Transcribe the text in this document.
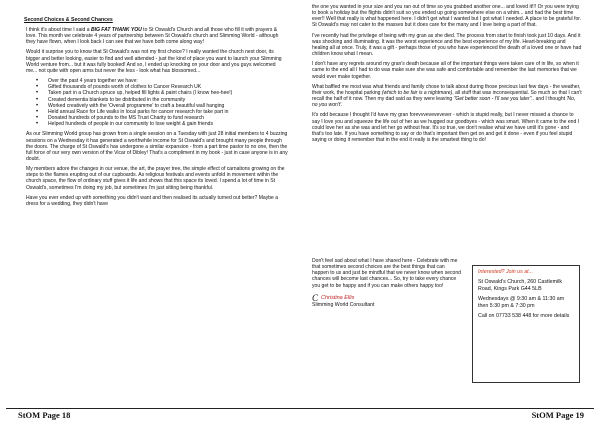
Second Choices & Second Chances

I think it's about time I said a BIG FAT THANK YOU to St Oswald's Church and all those who fill it with prayers & love. This month we celebrate 4 years of partnership between St Oswald's church and Slimming World - although they have flown, when I look back I can see that we have both come along way!

Would it surprise you to know that St Oswald's was not my first choice? I really wanted the church next door, its bigger and better looking, easier to find and well attended - just the kind of place you want to launch your Slimming World venture from... but it was fully booked! And so, I ended up knocking on your door and you guys welcomed me... not quite with open arms but never the less - look what has blossomed...

• Over the past 4 years together we have:
• Gifted thousands of pounds worth of clothes to Cancer Research UK
• Taken part in a Church spruce up, helped fill lights & paint chairs (I know hee-hee!)
• Created dementia blankets to be distributed in the community
• Worked creatively with the 'Overall programme' to craft a beautiful wall hanging
• Held annual Race for Life walks in local parks for cancer research for take part in
• Donated hundreds of pounds to the MS Trust Charity to fund research
• Helped hundreds of people in our community to lose weight & gain friends

As our Slimming World group has grown from a single session on a Tuesday with just 28 initial members to 4 buzzing sessions on a Wednesday it has generated a worthwhile income for St Oswald's and brought many people through the doors. The charge of St Oswald's has undergone a similar expansion - from a part time pastor to no one, then the full force of our very own version of the Vicar of Dibley! That's a compliment in my book - just in case anyone is in any doubt.

My members adore the changes in our venue, the art, the prayer tree, the simple effect of carnations growing on the steps to the flames erupting out of our cupboards. As religious festivals and events unfold in movement within the church space, the flow of ordinary stuff gives it life and shows that this space its loved. I spend a lot of time in St Oswald's, sometimes I'm doing my job, but sometimes I'm just sitting being thankful.

Have you ever ended up with something you didn't want and then realised its actually turned out better? Maybe a dress for a wedding, they didn't have

StOM Page 18

the one you wanted in your size and you ran out of time so you grabbed another one... and loved it!!! Or you were trying to book a holiday but the flights didn't suit so you ended up going somewhere else on a whim... and had the best time ever!! Well that really is what happened here. I didn't get what I wanted but I got what I needed. A place to be grateful for. St Oswald's may not cater to the masses but it does care for the many and I love being a part of that.

I've recently had the privilege of being with my gran as she died. The process from start to finish took just 10 days. And it was shocking and illuminating. It was the worst experience and the best experience of my life. Heart-breaking and healing all at once. Truly, it was a gift - perhaps those of you who have experienced the death of a loved one or have had children know what I mean.

I don't have any regrets around my gran's death because all of the important things were taken care of in life, so when it came to the end all I had to do was make sure she was safe and comfortable and remember the last memories that we would ever make together.

What baffled me most was what friends and family chose to talk about during those precious last few days - the weather, their work, the hospital parking (which to be fair is a nightmare), all stuff that was inconsequential. So much so that I can't recall the half of it now. Then my dad said as they were leaving "Get better soon - I'll see you later".. and I thought 'No, no you won't'.

It's odd because I thought I'd have my gran forevvvevevevever - which is stupid really, but I never missed a chance to say I love you and squeeze the life out of her as we hugged our goodbyes - which was smart. When it came to the end I could love her as she was and let her go without fear. It's so true, we don't realise what we have until it's gone - and that's too late. If you have something to say or do that's important then get on and get it done - even if you feel stupid saying or doing it remember that in the end it really is the smartest thing to do!

Don't feel sad about what I have shared here - Celebrate with me that sometimes second choices are the best things that can happen to us and just be mindful that we never know when second chances will become last chances... So, try to take every chance you get to be happy and if you can make others happy too!

C Christina Ellis
Slimming World Consultant

Interested? Join us at...

St Oswald's Church, 260 Castlemilk Road, Kings Park G44 5LB

Wednesdays @ 9:30 am & 11:30 am then 5:30 pm & 7:30 pm

Call on 07733 538 448 for more details

StOM Page 19
